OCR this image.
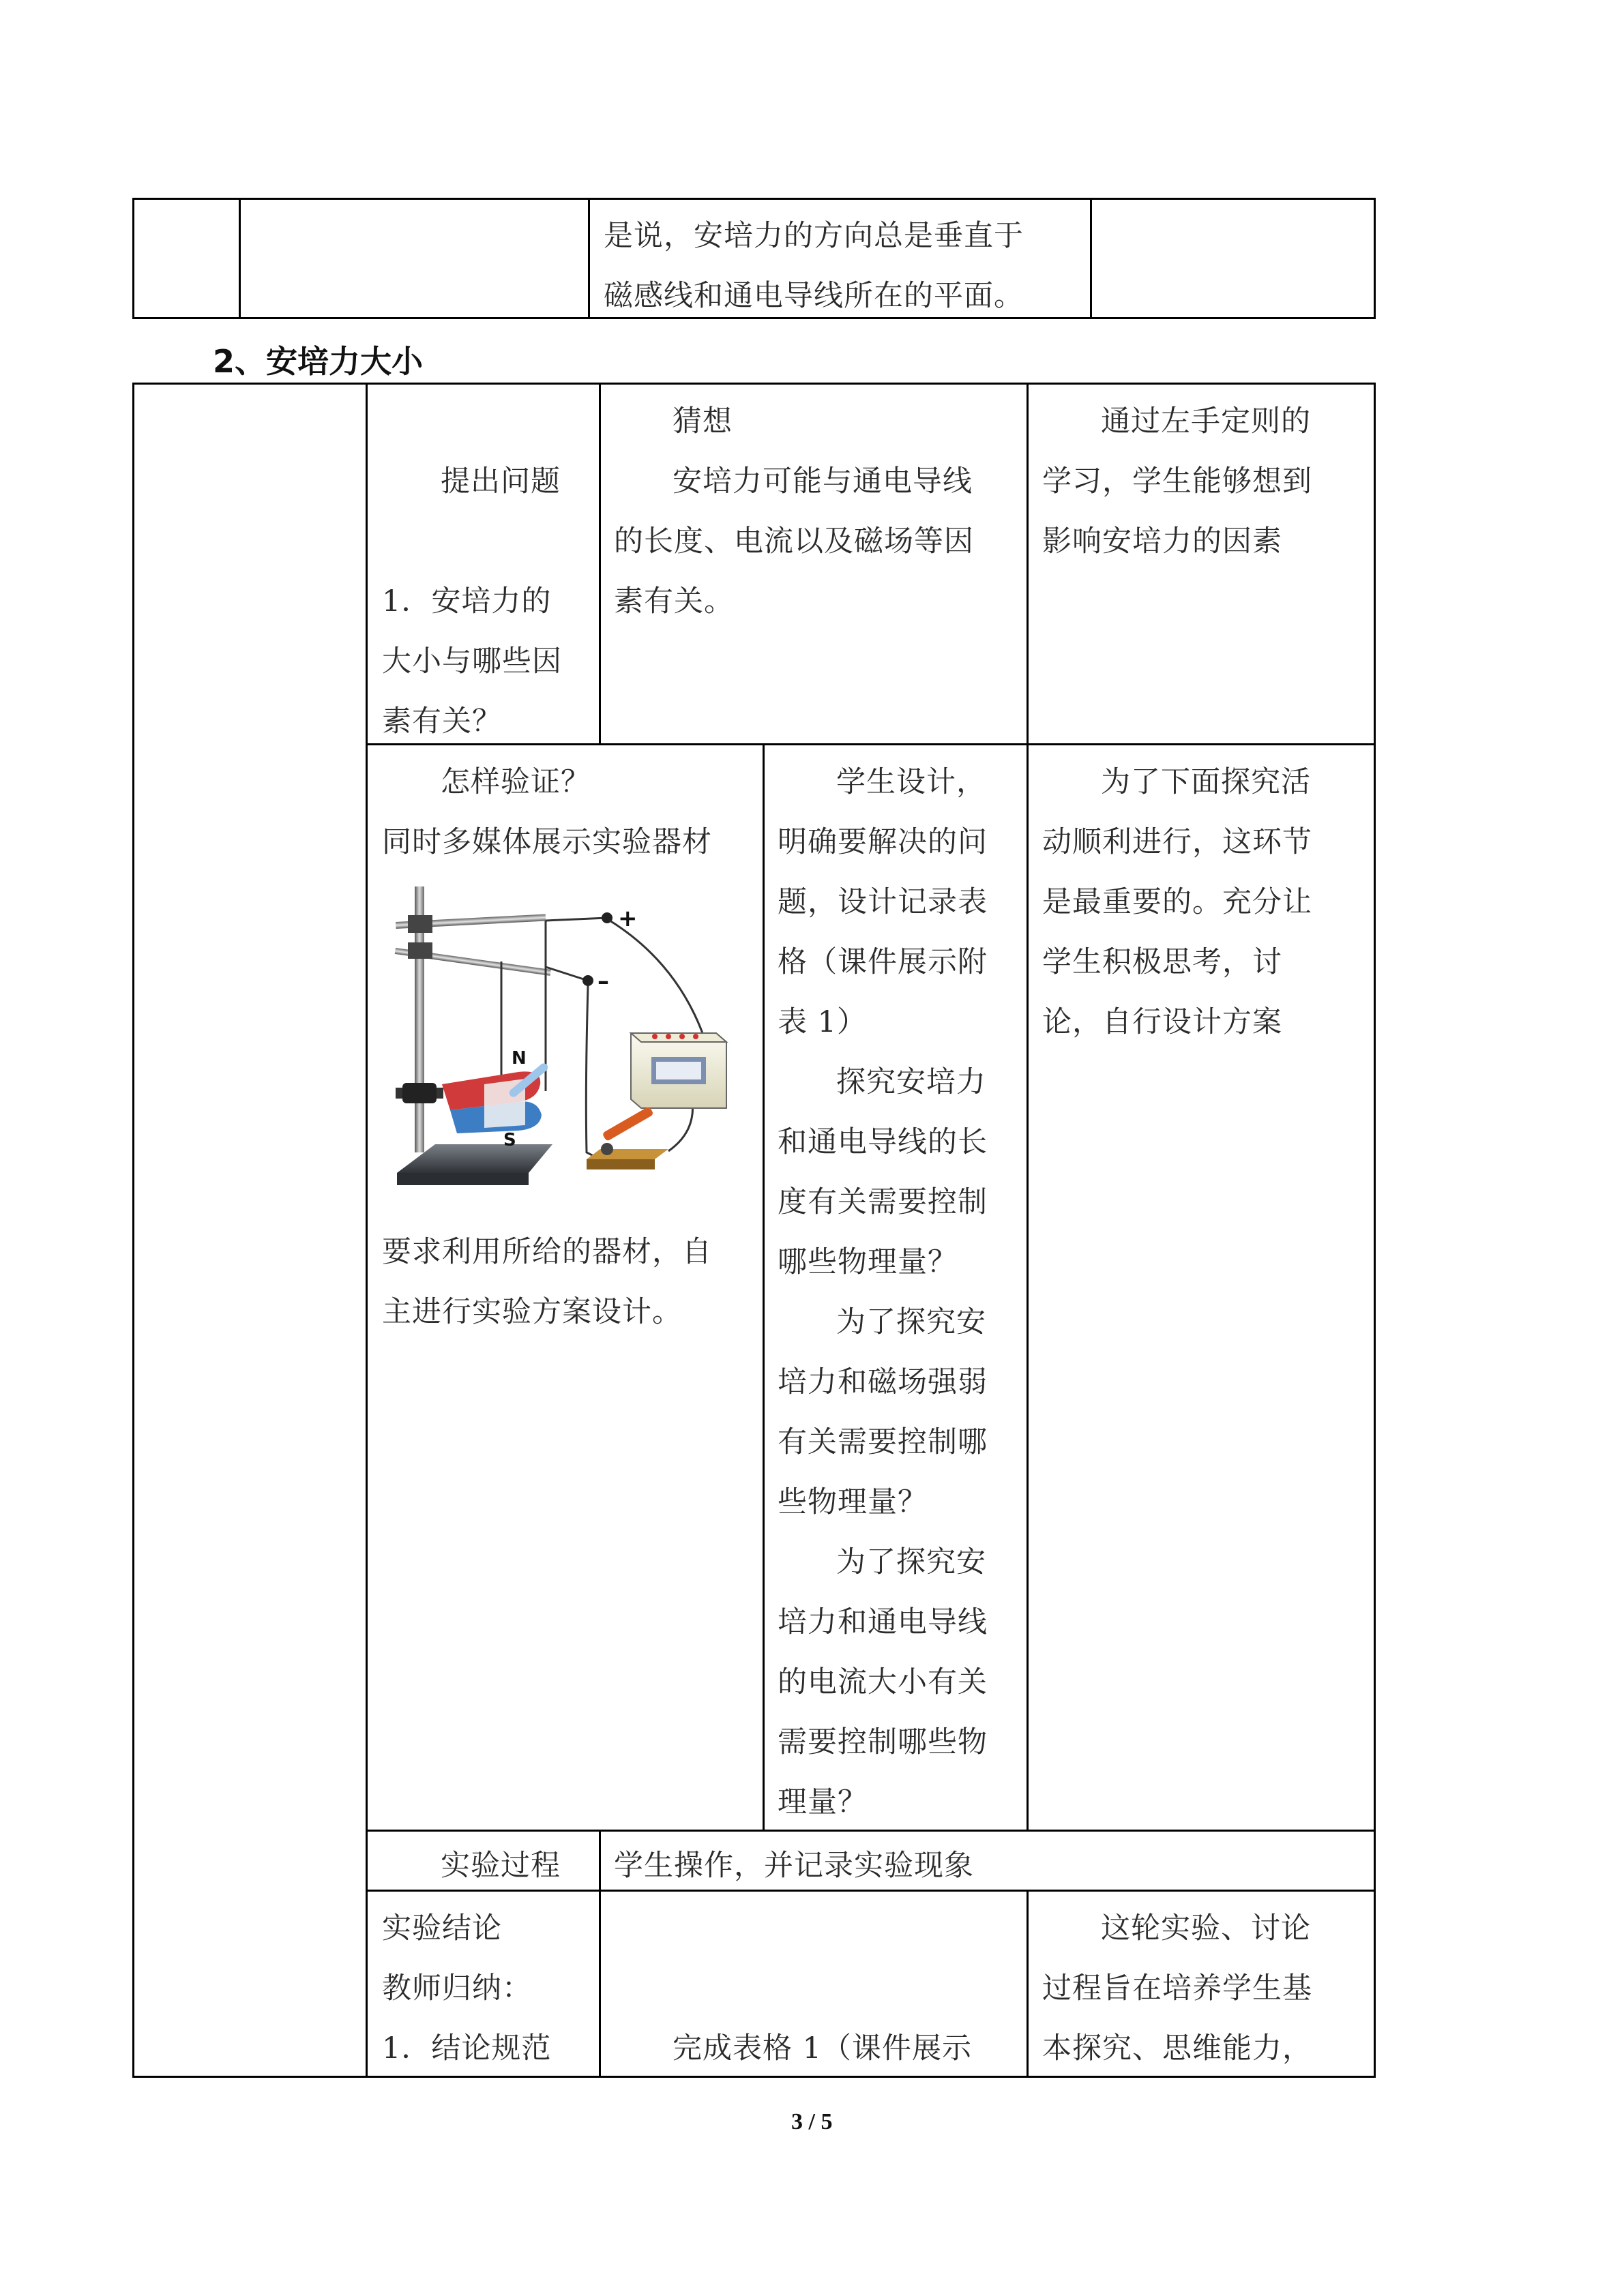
是说，安培力的方向总是垂直于
磁感线和通电导线所在的平面。
2、安培力大小
提出问题
1．安培力的
大小与哪些因
素有关？
猜想
安培力可能与通电导线
的长度、电流以及磁场等因
素有关。
通过左手定则的
学习，学生能够想到
影响安培力的因素
怎样验证？
同时多媒体展示实验器材
N
S
+
–
要求利用所给的器材，自
主进行实验方案设计。
学生设计，
明确要解决的问
题，设计记录表
格（课件展示附
表 1）
探究安培力
和通电导线的长
度有关需要控制
哪些物理量？
为了探究安
培力和磁场强弱
有关需要控制哪
些物理量？
为了探究安
培力和通电导线
的电流大小有关
需要控制哪些物
理量？
为了下面探究活
动顺利进行，这环节
是最重要的。充分让
学生积极思考，讨
论，自行设计方案
实验过程 学生操作，并记录实验现象
实验结论
教师归纳：
1．结论规范	完成表格 1（课件展示
这轮实验、讨论
过程旨在培养学生基
本探究、思维能力，
3 / 5
